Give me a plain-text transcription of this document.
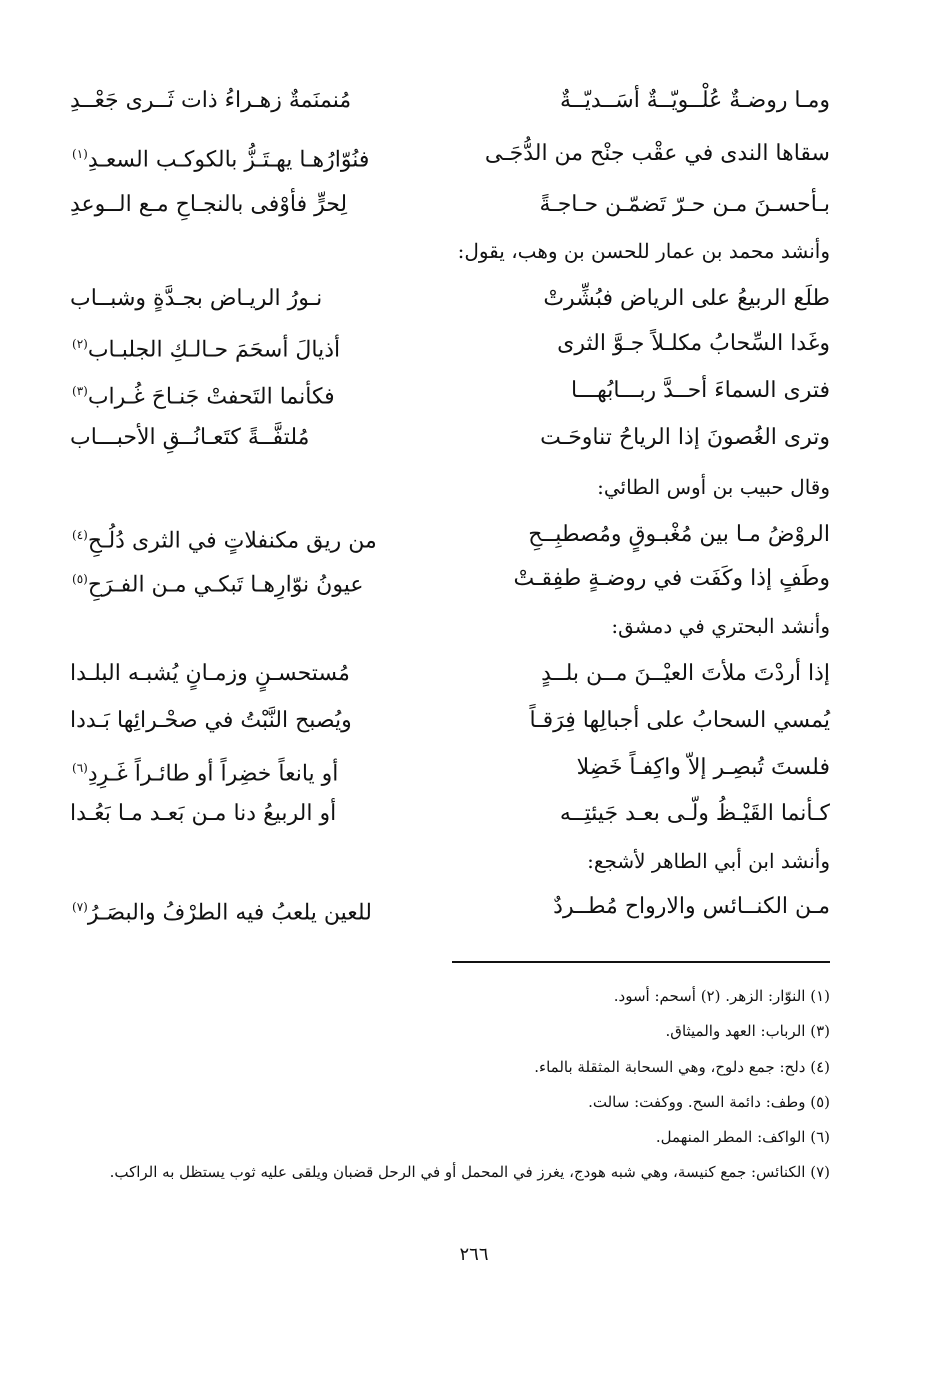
ومـا روضـةٌ عُلْــويّــةٌ أسَــديّــةٌ
مُنمنَمةٌ زهـراءُ ذات ثَــرى جَعْــدِ
سقاها الندى في عقْب جنْح من الدُّجَـى
فنُوّارُهـا يهـتَـزُّ بالكوكـب السعـدِ$^{(١)}$
بـأحسـنَ مـن حـرّ تَضمّـن حـاجـةً
لِحرٍّ فأوْفى بالنجـاحِ مـع الــوعدِ
وأنشد محمد بن عمار للحسن بن وهب، يقول:
طلَع الربيعُ على الرياض فبُشِّرتْ
نـورُ الريـاض بجـدَّةٍ وشبــاب
وغَدا السِّحابُ مكلـلاً جـوَّ الثرى
أذيالَ أسحَمَ حـالـكِ الجلبـاب$^{(٢)}$
فترى السماءَ أحــدَّ ربـــابُهـــا
فكأنما التَحفتْ جَنـاحَ غُـراب$^{(٣)}$
وترى الغُصونَ إذا الرياحُ تناوحَـت
مُلتفَّــةً كتَعـانُــقِ الأحبـــاب
وقال حبيب بن أوس الطائي:
الروْضُ مـا بين مُغْبـوقٍ ومُصطبِــحِ
من ريق مكنفلاتٍ في الثرى دُلُـحِ$^{(٤)}$
وطَفٍ إذا وكَفَت في روضـةٍ طفِقـتْ
عيونُ نوّارِهـا تَبكـي مـن الفـرَحِ$^{(٥)}$
وأنشد البحتري في دمشق:
إذا أردْتَ ملأتَ العيْــنَ مــن بلــدٍ
مُستحسـنٍ وزمـانٍ يُشبـه البلـدا
يُمسي السحابُ على أجبالِها فِرَقـاً
ويُصبح النَّبْتُ في صحْـرائِها بَـددا
فلستَ تُبصِـر إلاّ واكِفـاً خَضِلا
أو يانعاً خضِراً أو طائـراً غَـرِدِ$^{(٦)}$
كـأنما القَيْـظُ ولّـى بعـد جَيئتِــه
أو الربيعُ دنا مـن بَعـد مـا بَعُـدا
وأنشد ابن أبي الطاهر لأشجع:
مـن الكنــائس والارواح مُطــردٌ
للعين يلعبُ فيه الطرْفُ والبصَـرُ$^{(٧)}$
(١) النوّار: الزهر. (٢) أسحم: أسود.
(٣) الرباب: العهد والميثاق.
(٤) دلح: جمع دلوح، وهي السحابة المثقلة بالماء.
(٥) وطف: دائمة السح. ووكفت: سالت.
(٦) الواكف: المطر المنهمل.
(٧) الكنائس: جمع كنيسة، وهي شبه هودج، يغرز في المحمل أو في الرحل قضبان ويلقى عليه ثوب يستظل به الراكب.
٢٦٦
